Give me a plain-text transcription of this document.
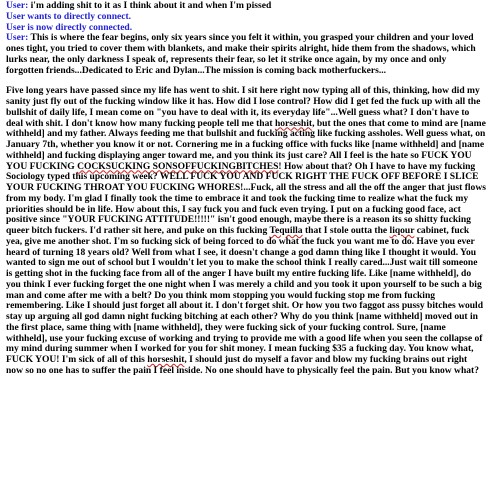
User: i'm adding shit to it as I think about it and when I'm pissed
User wants to directly connect.
User is now directly connected.
User: This is where the fear begins, only six years since you felt it within, you grasped your children and your loved ones tight, you tried to cover them with blankets, and make their spirits alright, hide them from the shadows, which lurks near, the only darkness I speak of, represents their fear, so let it strike once again, by my once and only forgotten friends...Dedicated to Eric and Dylan...The mission is coming back motherfuckers...
Five long years have passed since my life has went to shit. I sit here right now typing all of this, thinking, how did my sanity just fly out of the fucking window like it has. How did I lose control? How did I get fed the fuck up with all the bullshit of daily life, I mean come on "you have to deal with it, its everyday life"...Well guess what? I don't have to deal with shit. I don't know how many fucking people tell me that horseshit, but the ones that come to mind are [name withheld] and my father. Always feeding me that bullshit and fucking acting like fucking assholes. Well guess what, on January 7th, whether you know it or not. Cornering me in a fucking office with fucks like [name withheld] and [name withheld] and fucking displaying anger toward me, and you think its just care? All I feel is the hate so FUCK YOU YOU FUCKING COCKSUCKING SONSOFFUCKINGBITCHES! How about that? Oh I have to have my fucking Sociology typed this upcoming week? WELL FUCK YOU AND FUCK RIGHT THE FUCK OFF BEFORE I SLICE YOUR FUCKING THROAT YOU FUCKING WHORES!...Fuck, all the stress and all the off the anger that just flows from my body. I'm glad I finally took the time to embrace it and took the fucking time to realize what the fuck my priorities should be in life. How about this, I say fuck you and fuck even trying. I put on a fucking good face, act positive since "YOUR FUCKING ATTITUDE!!!!!" isn't good enough, maybe there is a reason its so shitty fucking queer bitch fuckers. I'd rather sit here, and puke on this fucking Tequilla that I stole outta the liqour cabinet, fuck yea, give me another shot. I'm so fucking sick of being forced to do what the fuck you want me to do. Have you ever heard of turning 18 years old? Well from what I see, it doesn't change a god damn thing like I thought it would. You wanted to sign me out of school but I wouldn't let you to make the school think I really cared...Just wait till someone is getting shot in the fucking face from all of the anger I have built my entire fucking life. Like [name withheld], do you think I ever fucking forget the one night when I was merely a child and you took it upon yourself to be such a big man and come after me with a belt? Do you think mom stopping you would fucking stop me from fucking remembering. Like I should just forget all about it. I don't forget shit. Or how you two faggot ass pussy bitches would stay up arguing all god damn night fucking bitching at each other? Why do you think [name withheld] moved out in the first place, same thing with [name withheld], they were fucking sick of your fucking control. Sure, [name withheld], use your fucking excuse of working and trying to provide me with a good life when you seen the collapse of my mind during summer when I worked for you for shit money. I mean fucking $35 a fucking day. You know what, FUCK YOU! I'm sick of all of this horseshit, I should just do myself a favor and blow my fucking brains out right now so no one has to suffer the pain I feel inside. No one should have to physically feel the pain. But you know what?
